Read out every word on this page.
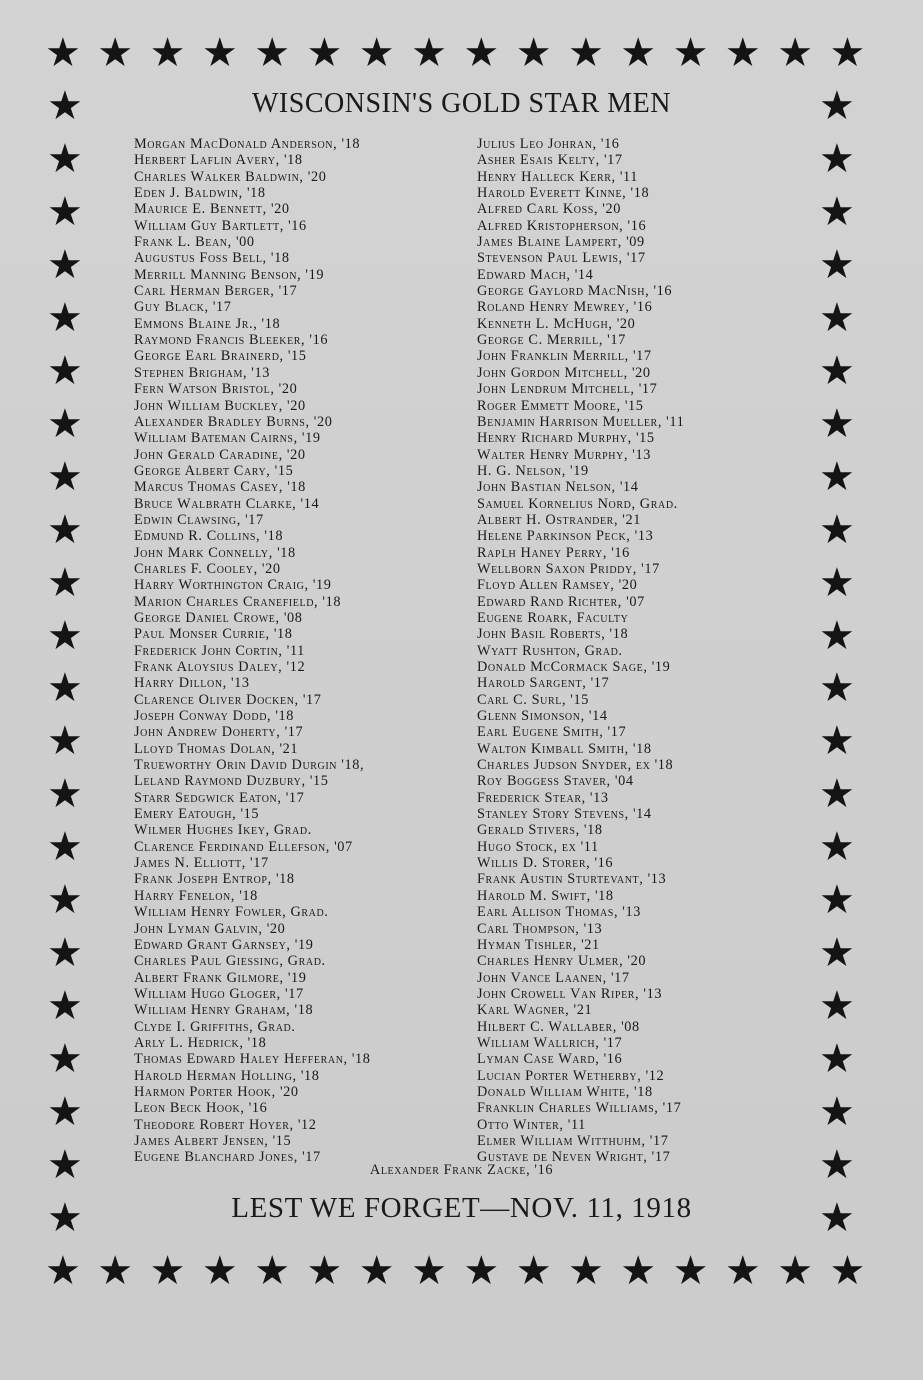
★ ★ ★ ★ ★ ★ ★ ★ ★ ★ ★ ★ ★ ★ ★ ★
★ ★ ★ ★ ★ ★ ★ ★ ★ ★ ★ ★ ★ ★ ★ ★
★	★
★	★
★	★
★	★
★	★
★	★
★	★
★	★
★	★
★	★
★	★
★	★
★	★
★	★
★	★
★	★
★	★
★	★
★	★
★	★
★	★
★	★
WISCONSIN'S GOLD STAR MEN
Morgan MacDonald Anderson, '18
Herbert Laflin Avery, '18
Charles Walker Baldwin, '20
Eden J. Baldwin, '18
Maurice E. Bennett, '20
William Guy Bartlett, '16
Frank L. Bean, '00
Augustus Foss Bell, '18
Merrill Manning Benson, '19
Carl Herman Berger, '17
Guy Black, '17
Emmons Blaine Jr., '18
Raymond Francis Bleeker, '16
George Earl Brainerd, '15
Stephen Brigham, '13
Fern Watson Bristol, '20
John William Buckley, '20
Alexander Bradley Burns, '20
William Bateman Cairns, '19
John Gerald Caradine, '20
George Albert Cary, '15
Marcus Thomas Casey, '18
Bruce Walbrath Clarke, '14
Edwin Clawsing, '17
Edmund R. Collins, '18
John Mark Connelly, '18
Charles F. Cooley, '20
Harry Worthington Craig, '19
Marion Charles Cranefield, '18
George Daniel Crowe, '08
Paul Monser Currie, '18
Frederick John Cortin, '11
Frank Aloysius Daley, '12
Harry Dillon, '13
Clarence Oliver Docken, '17
Joseph Conway Dodd, '18
John Andrew Doherty, '17
Lloyd Thomas Dolan, '21
Trueworthy Orin David Durgin '18,
Leland Raymond Duzbury, '15
Starr Sedgwick Eaton, '17
Emery Eatough, '15
Wilmer Hughes Ikey, Grad.
Clarence Ferdinand Ellefson, '07
James N. Elliott, '17
Frank Joseph Entrop, '18
Harry Fenelon, '18
William Henry Fowler, Grad.
John Lyman Galvin, '20
Edward Grant Garnsey, '19
Charles Paul Giessing, Grad.
Albert Frank Gilmore, '19
William Hugo Gloger, '17
William Henry Graham, '18
Clyde I. Griffiths, Grad.
Arly L. Hedrick, '18
Thomas Edward Haley Hefferan, '18
Harold Herman Holling, '18
Harmon Porter Hook, '20
Leon Beck Hook, '16
Theodore Robert Hoyer, '12
James Albert Jensen, '15
Eugene Blanchard Jones, '17
Julius Leo Johran, '16
Asher Esais Kelty, '17
Henry Halleck Kerr, '11
Harold Everett Kinne, '18
Alfred Carl Koss, '20
Alfred Kristopherson, '16
James Blaine Lampert, '09
Stevenson Paul Lewis, '17
Edward Mach, '14
George Gaylord MacNish, '16
Roland Henry Mewrey, '16
Kenneth L. McHugh, '20
George C. Merrill, '17
John Franklin Merrill, '17
John Gordon Mitchell, '20
John Lendrum Mitchell, '17
Roger Emmett Moore, '15
Benjamin Harrison Mueller, '11
Henry Richard Murphy, '15
Walter Henry Murphy, '13
H. G. Nelson, '19
John Bastian Nelson, '14
Samuel Kornelius Nord, Grad.
Albert H. Ostrander, '21
Helene Parkinson Peck, '13
Rapլh Haney Perry, '16
Wellborn Saxon Priddy, '17
Floyd Allen Ramsey, '20
Edward Rand Richter, '07
Eugene Roark, Faculty
John Basil Roberts, '18
Wyatt Rushton, Grad.
Donald McCormack Sage, '19
Harold Sargent, '17
Carl C. Surl, '15
Glenn Simonson, '14
Earl Eugene Smith, '17
Walton Kimball Smith, '18
Charles Judson Snyder, ex '18
Roy Boggess Staver, '04
Frederick Stear, '13
Stanley Story Stevens, '14
Gerald Stivers, '18
Hugo Stock, ex '11
Willis D. Storer, '16
Frank Austin Sturtevant, '13
Harold M. Swift, '18
Earl Allison Thomas, '13
Carl Thompson, '13
Hyman Tishler, '21
Charles Henry Ulmer, '20
John Vance Laanen, '17
John Crowell Van Riper, '13
Karl Wagner, '21
Hilbert C. Wallaber, '08
William Wallrich, '17
Lyman Case Ward, '16
Lucian Porter Wetherby, '12
Donald William White, '18
Franklin Charles Williams, '17
Otto Winter, '11
Elmer William Witthuhm, '17
Gustave de Neven Wright, '17
Alexander Frank Zacke, '16
LEST WE FORGET—NOV. 11, 1918
